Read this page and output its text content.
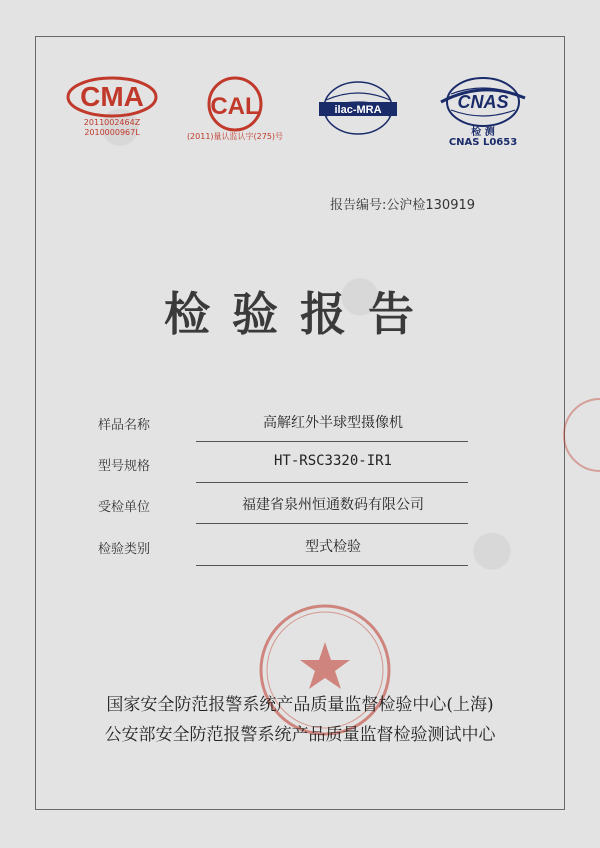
CMA
2011002464Z
2010000967L
CAL
(2011)量认监认字(275)号
ilac-MRA	CNAS
检 测
CNAS L0653
报告编号:公沪检130919
检验报告
样品名称	高解红外半球型摄像机
型号规格	HT-RSC3320-IR1
受检单位	福建省泉州恒通数码有限公司
检验类别	型式检验
国家安全防范报警系统产品质量监督检验中心(上海)
公安部安全防范报警系统产品质量监督检验测试中心
